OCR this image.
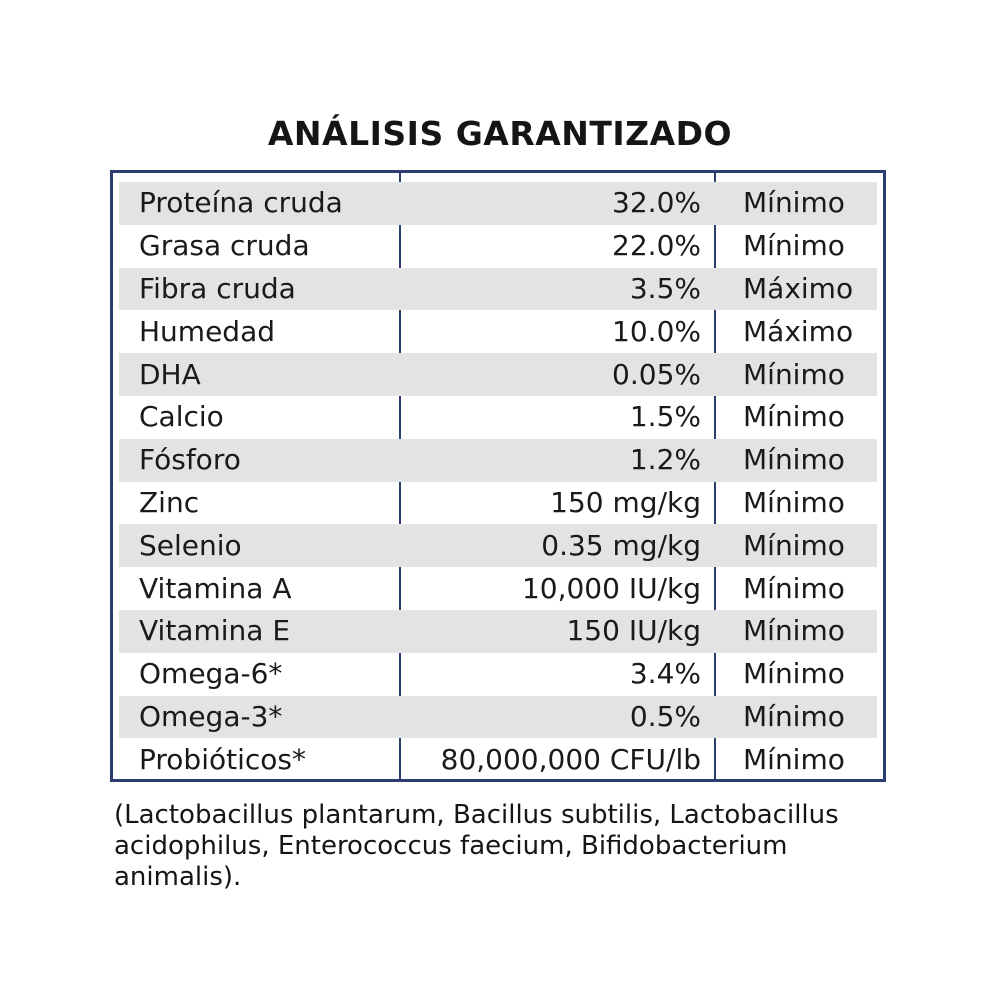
ANÁLISIS GARANTIZADO
Proteína cruda	32.0% Mínimo
Grasa cruda	22.0% Mínimo
Fibra cruda	3.5% Máximo
Humedad	10.0% Máximo
DHA	0.05% Mínimo
Calcio	1.5% Mínimo
Fósforo	1.2% Mínimo
Zinc	150 mg/kg Mínimo
Selenio	0.35 mg/kg Mínimo
Vitamina A	10,000 IU/kg Mínimo
Vitamina E	150 IU/kg Mínimo
Omega-6*	3.4% Mínimo
Omega-3*	0.5% Mínimo
Probióticos*	80,000,000 CFU/lb Mínimo
(Lactobacillus plantarum, Bacillus subtilis, Lactobacillus acidophilus, Enterococcus faecium, Bifidobacterium animalis).
